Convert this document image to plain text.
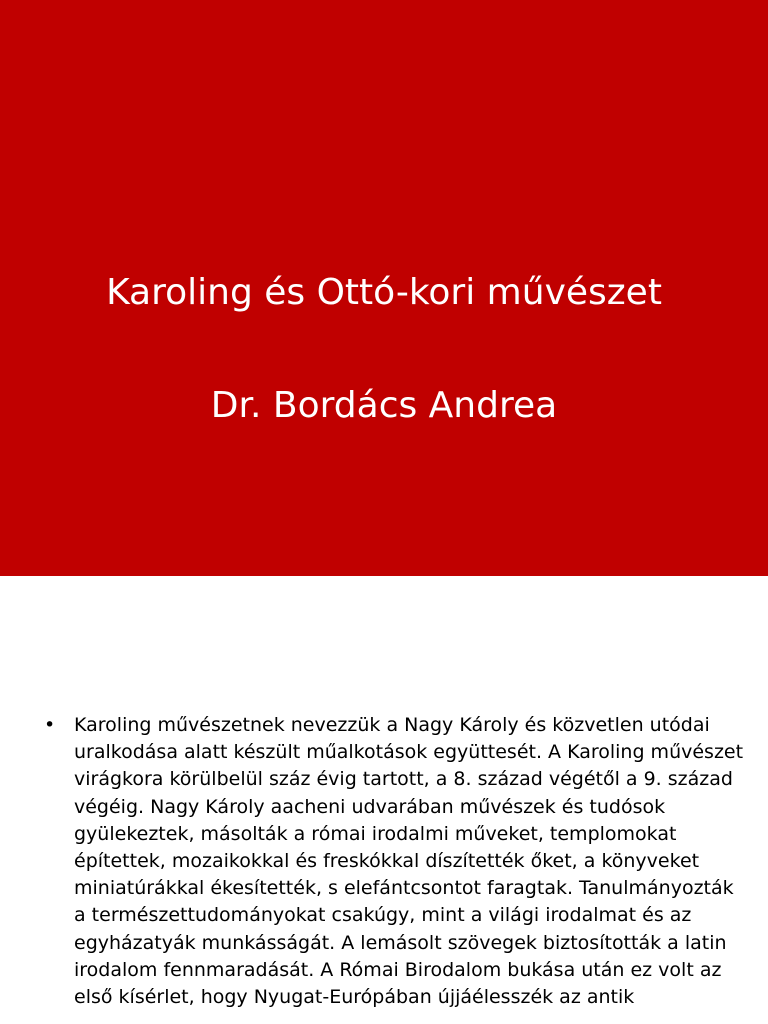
Karoling és Ottó-kori művészet
Dr. Bordács Andrea
• Karoling művészetnek nevezzük a Nagy Károly és közvetlen utódai
uralkodása alatt készült műalkotások együttesét. A Karoling művészet
virágkora körülbelül száz évig tartott, a 8. század végétől a 9. század
végéig. Nagy Károly aacheni udvarában művészek és tudósok
gyülekeztek, másolták a római irodalmi műveket, templomokat
építettek, mozaikokkal és freskókkal díszítették őket, a könyveket
miniatúrákkal ékesítették, s elefántcsontot faragtak. Tanulmányozták
a természettudományokat csakúgy, mint a világi irodalmat és az
egyházatyák munkásságát. A lemásolt szövegek biztosították a latin
irodalom fennmaradását. A Római Birodalom bukása után ez volt az
első kísérlet, hogy Nyugat-Európában újjáélesszék az antik
